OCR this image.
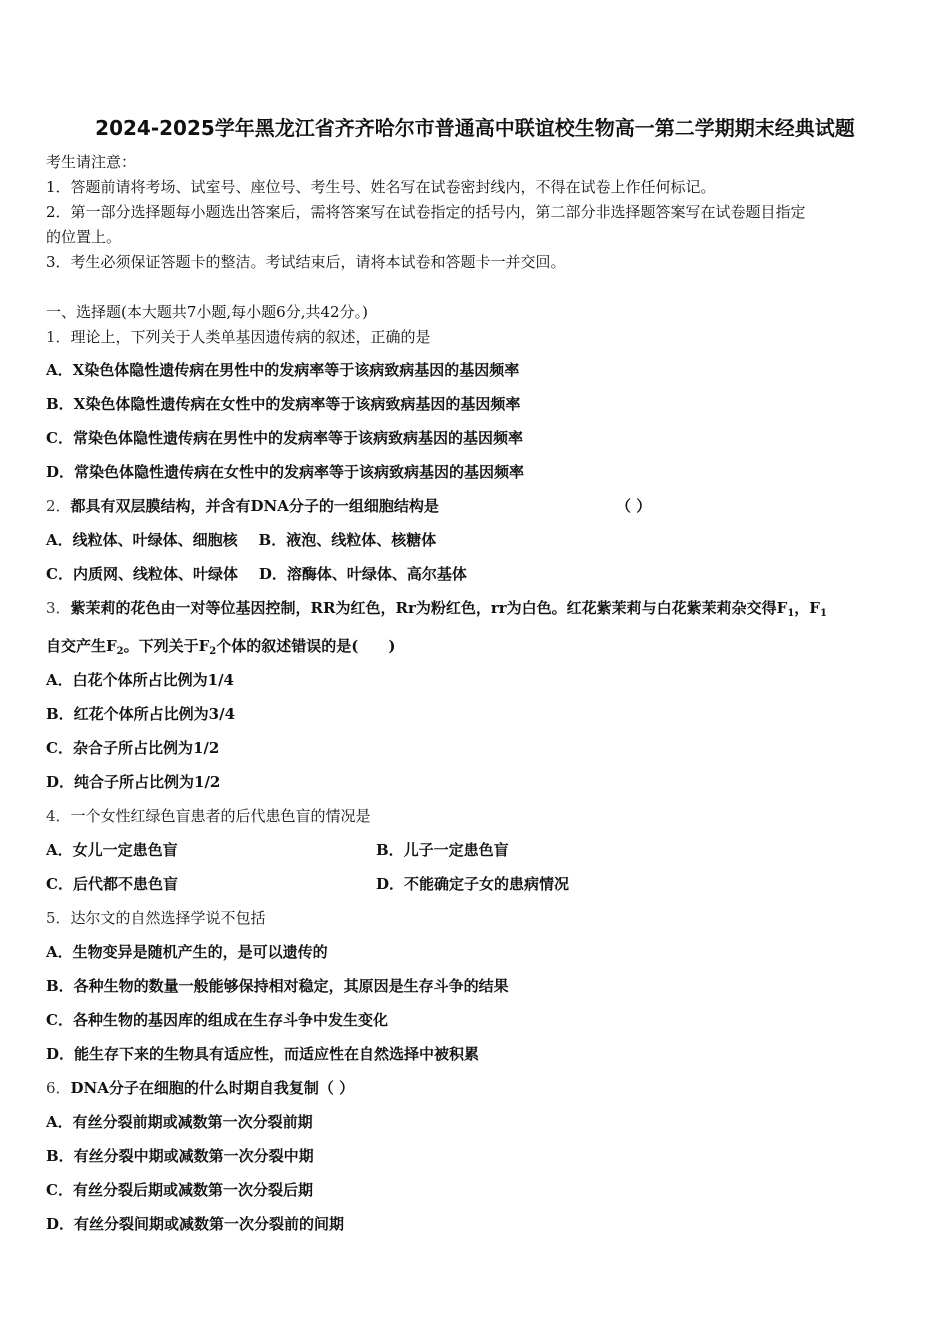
2024-2025学年黑龙江省齐齐哈尔市普通高中联谊校生物高一第二学期期末经典试题
考生请注意：
1．答题前请将考场、试室号、座位号、考生号、姓名写在试卷密封线内，不得在试卷上作任何标记。
2．第一部分选择题每小题选出答案后，需将答案写在试卷指定的括号内，第二部分非选择题答案写在试卷题目指定
的位置上。
3．考生必须保证答题卡的整洁。考试结束后，请将本试卷和答题卡一并交回。
一、选择题(本大题共7小题,每小题6分,共42分。)
1．理论上，下列关于人类单基因遗传病的叙述，正确的是
A．X染色体隐性遗传病在男性中的发病率等于该病致病基因的基因频率
B．X染色体隐性遗传病在女性中的发病率等于该病致病基因的基因频率
C．常染色体隐性遗传病在男性中的发病率等于该病致病基因的基因频率
D．常染色体隐性遗传病在女性中的发病率等于该病致病基因的基因频率
2．都具有双层膜结构，并含有DNA分子的一组细胞结构是	（ ）
A．线粒体、叶绿体、细胞核    B．液泡、线粒体、核糖体
C．内质网、线粒体、叶绿体    D．溶酶体、叶绿体、高尔基体
3．紫茉莉的花色由一对等位基因控制，RR为红色，Rr为粉红色，rr为白色。红花紫茉莉与白花紫茉莉杂交得$F_1$，$F_1$
自交产生$F_2$。下列关于$F_2$个体的叙述错误的是(　　)
A．白花个体所占比例为1/4
B．红花个体所占比例为3/4
C．杂合子所占比例为1/2
D．纯合子所占比例为1/2
4．一个女性红绿色盲患者的后代患色盲的情况是
A．女儿一定患色盲	B．儿子一定患色盲
C．后代都不患色盲	D．不能确定子女的患病情况
5．达尔文的自然选择学说不包括
A．生物变异是随机产生的，是可以遗传的
B．各种生物的数量一般能够保持相对稳定，其原因是生存斗争的结果
C．各种生物的基因库的组成在生存斗争中发生变化
D．能生存下来的生物具有适应性，而适应性在自然选择中被积累
6．DNA分子在细胞的什么时期自我复制（ ）
A．有丝分裂前期或减数第一次分裂前期
B．有丝分裂中期或减数第一次分裂中期
C．有丝分裂后期或减数第一次分裂后期
D．有丝分裂间期或减数第一次分裂前的间期
